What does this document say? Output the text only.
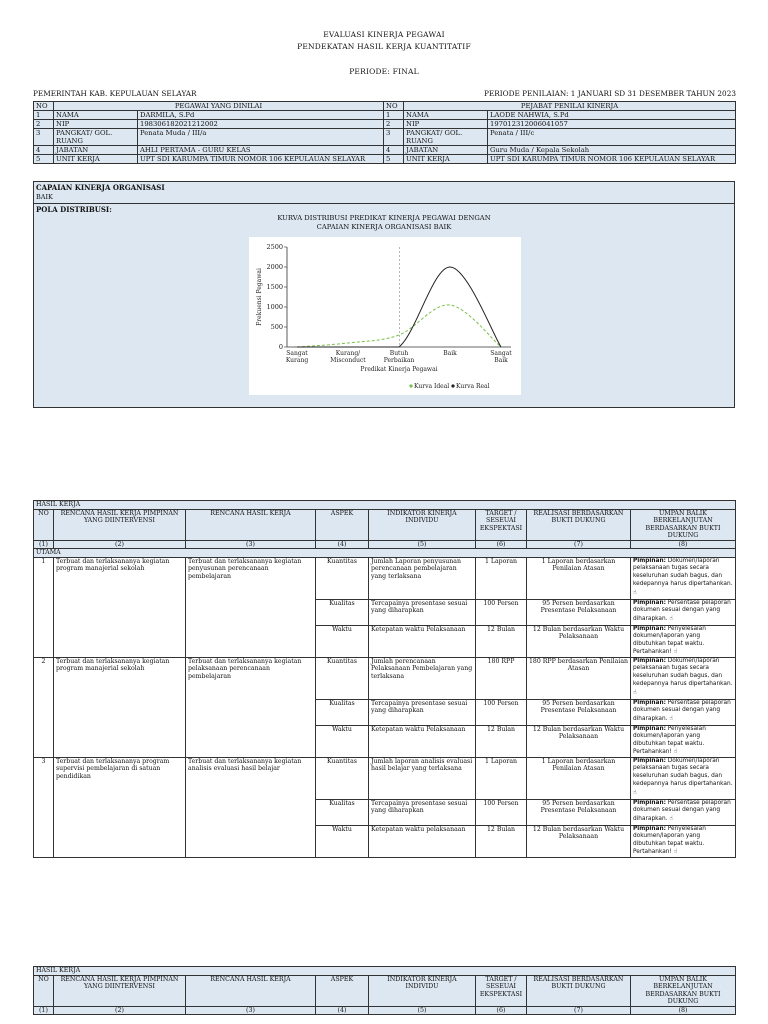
EVALUASI KINERJA PEGAWAI
PENDEKATAN HASIL KERJA KUANTITATIF
PERIODE: FINAL
PEMERINTAH KAB. KEPULAUAN SELAYAR	PERIODE PENILAIAN: 1 JANUARI SD 31 DESEMBER TAHUN 2023
NO	PEGAWAI YANG DINILAI		NO	PEJABAT PENILAI KINERJA	
1	NAMA	DARMILA, S.Pd	1	NAMA	LAODE NAHWIA, S.Pd
2	NIP	198306182021212002	2	NIP	197012312006041057
3	PANGKAT/ GOL. RUANG	Penata Muda / III/a	3	PANGKAT/ GOL. RUANG	Penata / III/c
4	JABATAN	AHLI PERTAMA - GURU KELAS	4	JABATAN	Guru Muda / Kepala Sekolah
5	UNIT KERJA	UPT SDI KARUMPA TIMUR NOMOR 106 KEPULAUAN SELAYAR	5	UNIT KERJA	UPT SDI KARUMPA TIMUR NOMOR 106 KEPULAUAN SELAYAR
CAPAIAN KINERJA ORGANISASI
BAIK
POLA DISTRIBUSI:
KURVA DISTRIBUSI PREDIKAT KINERJA PEGAWAI DENGAN CAPAIAN KINERJA ORGANISASI BAIK
2500
2000
1500
1000
500
0
Sangat Kurang
Kurang/ Misconduct
Butuh Perbaikan
Baik	Sangat Baik
Frekuensi Pegawai
Predikat Kinerja Pegawai
Kurva Ideal Kurva Real
HASIL KERJA							
NO	RENCANA HASIL KERJA PIMPINAN YANG DIINTERVENSI	RENCANA HASIL KERJA	ASPEK	INDIKATOR KINERJA INDIVIDU	TARGET / SESEUAI EKSPEKTASI	REALISASI BERDASARKAN BUKTI DUKUNG	UMPAN BALIK BERKELANJUTAN BERDASARKAN BUKTI DUKUNG
(1)	(2)	(3)	(4)	(5)	(6)	(7)	(8)
UTAMA							
1	Terbuat dan terlaksananya kegiatan program manajerial sekolah	Terbuat dan terlaksananya kegiatan penyusunan perencanaan pembelajaran	Kuantitas	Jumlah Laporan penyusunan perencanaan pembelajaran yang terlaksana	1 Laporan	1 Laporan berdasarkan Penilaian Atasan	Pimpinan: Dokumen/laporan pelaksanaan tugas secara keseluruhan sudah bagus, dan kedepannya harus dipertahankan. ☝
			Kualitas	Tercapainya presentase sesuai yang diharapkan	100 Persen	95 Persen berdasarkan Presentase Pelaksanaan	Pimpinan: Persentase pelaporan dokumen sesuai dengan yang diharapkan. ☝
			Waktu	Ketepatan waktu Pelaksanaan	12 Bulan	12 Bulan berdasarkan Waktu Pelaksanaan	Pimpinan: Penyelesaian dokumen/laporan yang dibutuhkan tepat waktu. Pertahankan! ☝
2	Terbuat dan terlaksananya kegiatan program manajerial sekolah	Terbuat dan terlaksananya kegiatan pelaksanaan perencanaan pembelajaran	Kuantitas	Jumlah perencanaan Pelaksanaan Pembelajaran yang terlaksana	180 RPP	180 RPP berdasarkan Penilaian Atasan	Pimpinan: Dokumen/laporan pelaksanaan tugas secara keseluruhan sudah bagus, dan kedepannya harus dipertahankan. ☝
			Kualitas	Tercapainya presentase sesuai yang diharapkan	100 Persen	95 Persen berdasarkan Presentase Pelaksanaan	Pimpinan: Persentase pelaporan dokumen sesuai dengan yang diharapkan. ☝
			Waktu	Ketepatan waktu Pelaksanaan	12 Bulan	12 Bulan berdasarkan Waktu Pelaksanaan	Pimpinan: Penyelesaian dokumen/laporan yang dibutuhkan tepat waktu. Pertahankan! ☝
3	Terbuat dan terlaksananya program supervisi pembelajaran di satuan pendidikan	Terbuat dan terlaksananya kegiatan analisis evaluasi hasil belajar	Kuantitas	Jumlah laporan analisis evaluasi hasil belajar yang terlaksana	1 Laporan	1 Laporan berdasarkan Penilaian Atasan	Pimpinan: Dokumen/laporan pelaksanaan tugas secara keseluruhan sudah bagus, dan kedepannya harus dipertahankan. ☝
			Kualitas	Tercapainya presentase sesuai yang diharapkan	100 Persen	95 Persen berdasarkan Presentase Pelaksanaan	Pimpinan: Persentase pelaporan dokumen sesuai dengan yang diharapkan. ☝
			Waktu	Ketepatan waktu pelaksanaan	12 Bulan	12 Bulan berdasarkan Waktu Pelaksanaan	Pimpinan: Penyelesaian dokumen/laporan yang dibutuhkan tepat waktu. Pertahankan! ☝
HASIL KERJA							
NO	RENCANA HASIL KERJA PIMPINAN YANG DIINTERVENSI	RENCANA HASIL KERJA	ASPEK	INDIKATOR KINERJA INDIVIDU	TARGET / SESEUAI EKSPEKTASI	REALISASI BERDASARKAN BUKTI DUKUNG	UMPAN BALIK BERKELANJUTAN BERDASARKAN BUKTI DUKUNG
(1)	(2)	(3)	(4)	(5)	(6)	(7)	(8)
